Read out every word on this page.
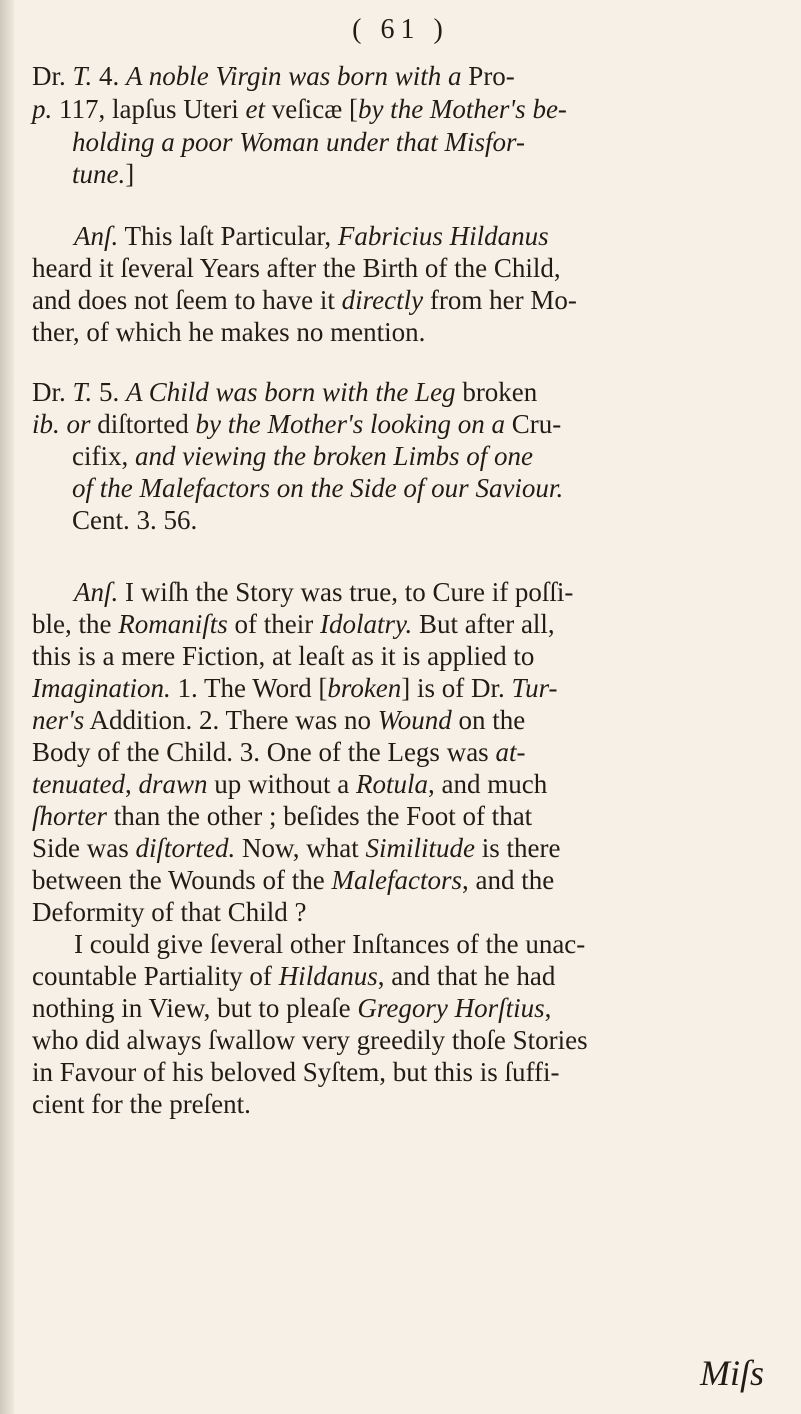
( 61 )
Dr. T. 4. A noble Virgin was born with a Pro-
p. 117, lapſus Uteri et veſicæ [by the Mother's be-
holding a poor Woman under that Misfor-
tune.]
Anſ. This laſt Particular, Fabricius Hildanus
heard it ſeveral Years after the Birth of the Child,
and does not ſeem to have it directly from her Mo-
ther, of which he makes no mention.
Dr. T. 5. A Child was born with the Leg broken
ib. or diſtorted by the Mother's looking on a Cru-
cifix, and viewing the broken Limbs of one
of the Malefactors on the Side of our Saviour.
Cent. 3. 56.
Anſ. I wiſh the Story was true, to Cure if poſſi-
ble, the Romaniſts of their Idolatry. But after all,
this is a mere Fiction, at leaſt as it is applied to
Imagination. 1. The Word [broken] is of Dr. Tur-
ner's Addition. 2. There was no Wound on the
Body of the Child. 3. One of the Legs was at-
tenuated, drawn up without a Rotula, and much
ſhorter than the other ; beſides the Foot of that
Side was diſtorted. Now, what Similitude is there
between the Wounds of the Malefactors, and the
Deformity of that Child ?
I could give ſeveral other Inſtances of the unac-
countable Partiality of Hildanus, and that he had
nothing in View, but to pleaſe Gregory Horſtius,
who did always ſwallow very greedily thoſe Stories
in Favour of his beloved Syſtem, but this is ſuffi-
cient for the preſent.
Miſs
